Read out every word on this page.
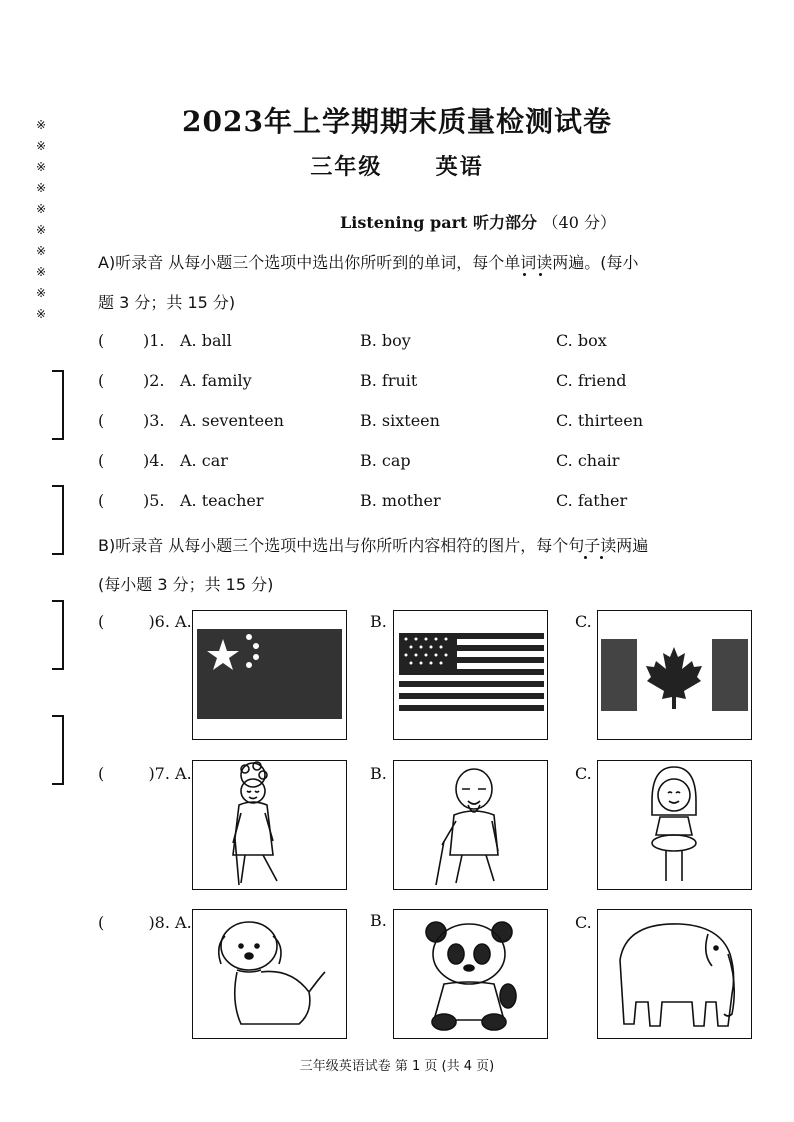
※
※
※
※
※
※
※
※
※
※
2023年上学期期末质量检测试卷
三年级 英语
Listening part 听力部分 （40 分）
A)听录音 从每小题三个选项中选出你所听到的单词，每个单词读两遍。(每小
题 3 分；共 15 分)
( )1. A. ball	B. boy	C. box
( )2. A. family	B. fruit	C. friend
( )3. A. seventeen	B. sixteen	C. thirteen
( )4. A. car	B. cap	C. chair
( )5. A. teacher	B. mother	C. father
B)听录音 从每小题三个选项中选出与你所听内容相符的图片，每个句子读两遍
(每小题 3 分；共 15 分)
(	)6. A.	B.	C.
(	)7. A.	B.	C.
(	)8. A.	B.	C.
三年级英语试卷 第 1 页 (共 4 页)
